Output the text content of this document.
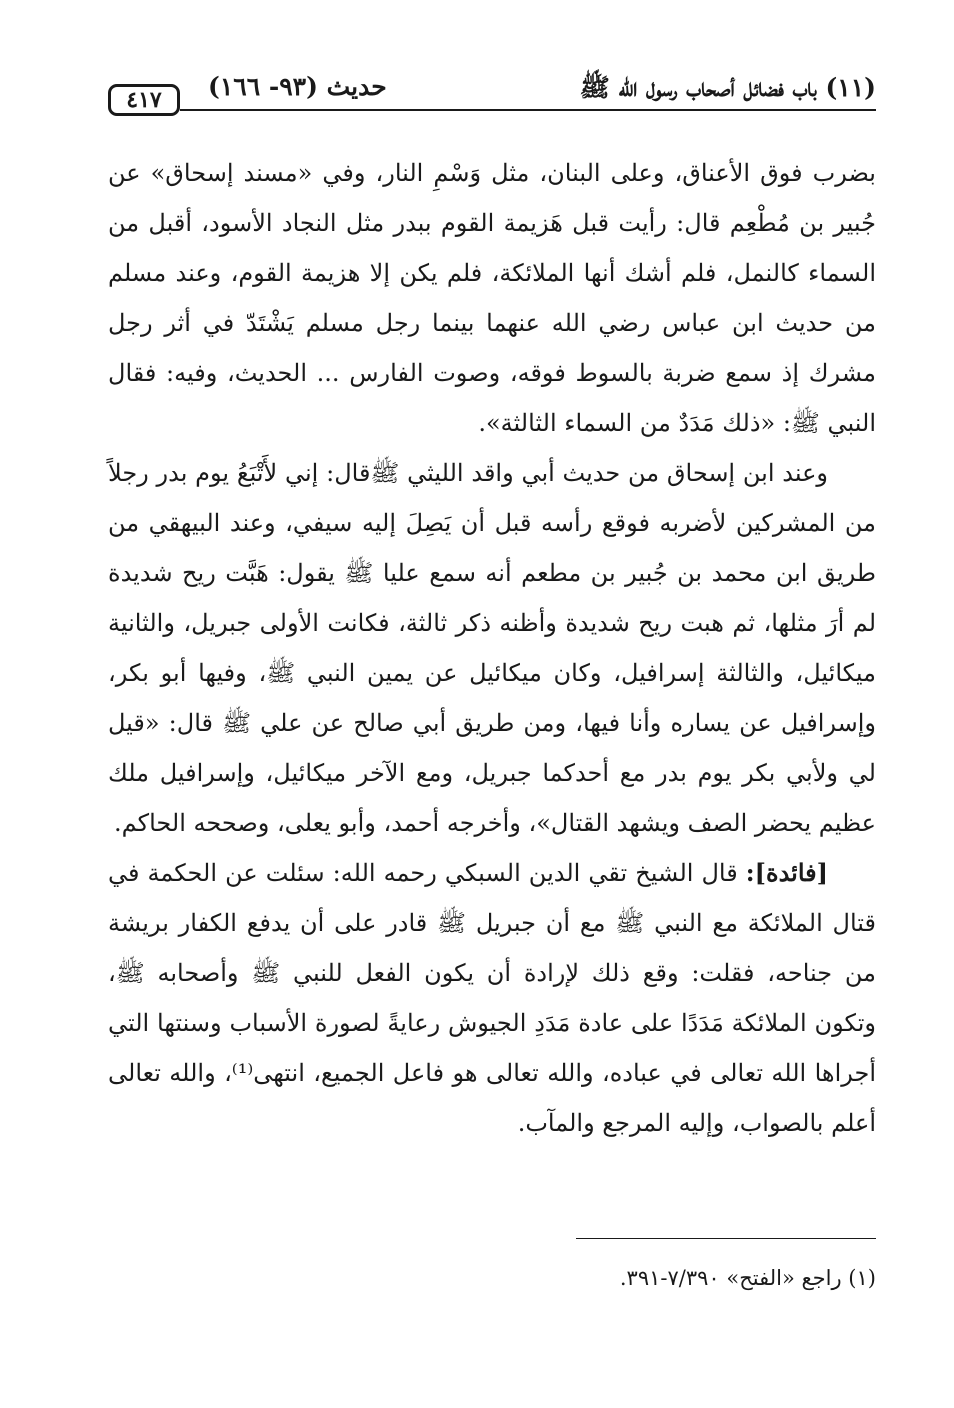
٤١٧	حديث (٩٣- ١٦٦)	(١١) باب فضائل أصحاب رسول الله ﷺ

بضرب فوق الأعناق، وعلى البنان، مثل وَسْمِ النار، وفي «مسند إسحاق» عن جُبير بن مُطْعِم قال: رأيت قبل هَزيمة القوم ببدر مثل النجاد الأسود، أقبل من السماء كالنمل، فلم أشك أنها الملائكة، فلم يكن إلا هزيمة القوم، وعند مسلم من حديث ابن عباس رضي الله عنهما بينما رجل مسلم يَشْتَدّ في أثر رجل مشرك إذ سمع ضربة بالسوط فوقه، وصوت الفارس ... الحديث، وفيه: فقال النبي ﷺ: «ذلك مَدَدٌ من السماء الثالثة».

وعند ابن إسحاق من حديث أبي واقد الليثي ﷺقال: إني لأَتْبَعُ يوم بدر رجلاً من المشركين لأضربه فوقع رأسه قبل أن يَصِلَ إليه سيفي، وعند البيهقي من طريق ابن محمد بن جُبير بن مطعم أنه سمع عليا ﷺ يقول: هَبَّت ريح شديدة لم أرَ مثلها، ثم هبت ريح شديدة وأظنه ذكر ثالثة، فكانت الأولى جبريل، والثانية ميكائيل، والثالثة إسرافيل، وكان ميكائيل عن يمين النبي ﷺ، وفيها أبو بكر، وإسرافيل عن يساره وأنا فيها، ومن طريق أبي صالح عن علي ﷺ قال: «قيل لي ولأبي بكر يوم بدر مع أحدكما جبريل، ومع الآخر ميكائيل، وإسرافيل ملك عظيم يحضر الصف ويشهد القتال»، وأخرجه أحمد، وأبو يعلى، وصححه الحاكم.

[فائدة]: قال الشيخ تقي الدين السبكي رحمه الله: سئلت عن الحكمة في قتال الملائكة مع النبي ﷺ مع أن جبريل ﷺ قادر على أن يدفع الكفار بريشة من جناحه، فقلت: وقع ذلك لإرادة أن يكون الفعل للنبي ﷺ وأصحابه ﷺ، وتكون الملائكة مَدَدًا على عادة مَدَدِ الجيوش رعايةً لصورة الأسباب وسنتها التي أجراها الله تعالى في عباده، والله تعالى هو فاعل الجميع، انتهى⁽¹⁾، والله تعالى أعلم بالصواب، وإليه المرجع والمآب.

(١) راجع «الفتح» ٧/٣٩٠-٣٩١.
